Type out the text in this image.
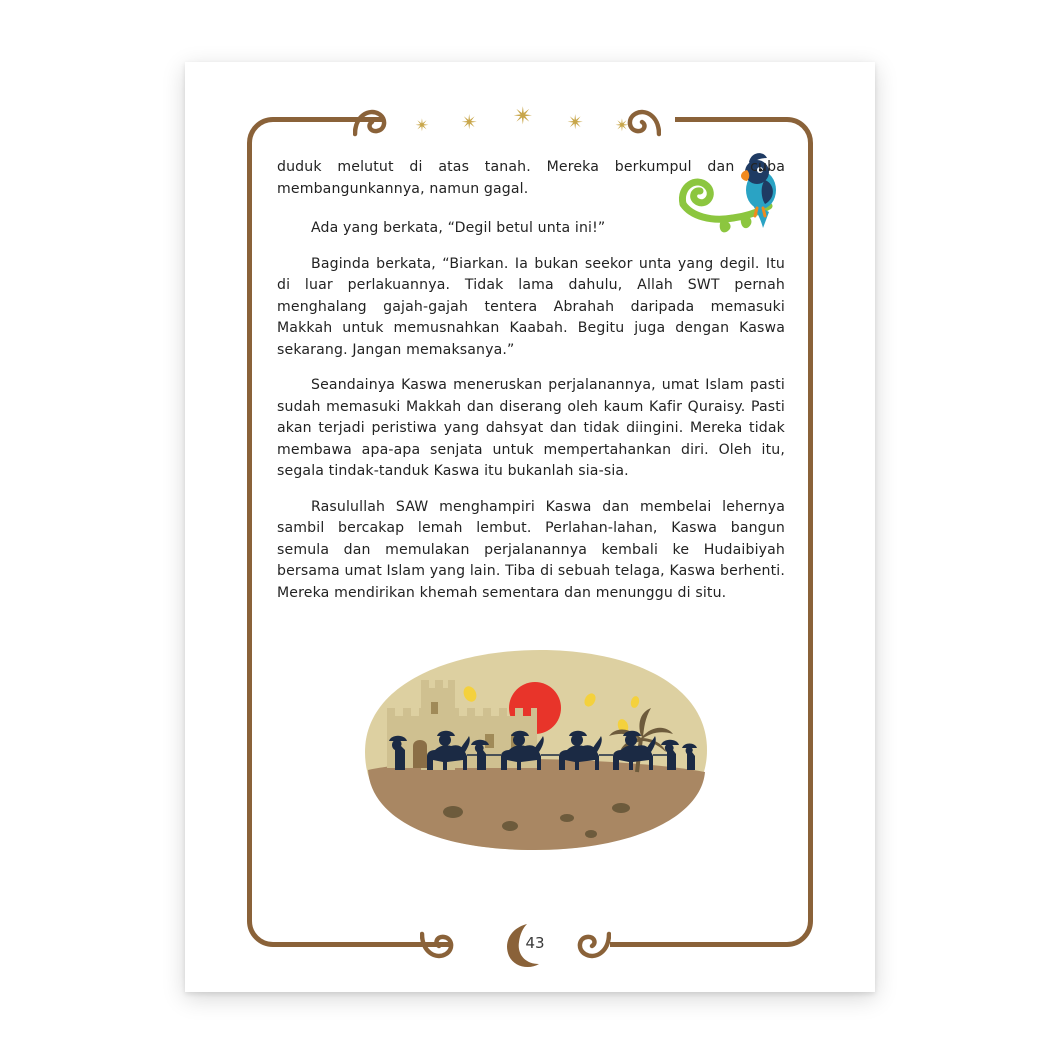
✴ ✴ ✴ ✴ ✴

duduk melutut di atas tanah. Mereka berkumpul dan cuba membangunkannya, namun gagal.

Ada yang berkata, “Degil betul unta ini!”

Baginda berkata, “Biarkan. Ia bukan seekor unta yang degil. Itu di luar perlakuannya. Tidak lama dahulu, Allah SWT pernah menghalang gajah-gajah tentera Abrahah daripada memasuki Makkah untuk memusnahkan Kaabah. Begitu juga dengan Kaswa sekarang. Jangan memaksanya.”

Seandainya Kaswa meneruskan perjalanannya, umat Islam pasti sudah memasuki Makkah dan diserang oleh kaum Kafir Quraisy. Pasti akan terjadi peristiwa yang dahsyat dan tidak diingini. Mereka tidak membawa apa-apa senjata untuk mempertahankan diri. Oleh itu, segala tindak-tanduk Kaswa itu bukanlah sia-sia.

Rasulullah SAW menghampiri Kaswa dan membelai lehernya sambil bercakap lemah lembut. Perlahan-lahan, Kaswa bangun semula dan memulakan perjalanannya kembali ke Hudaibiyah bersama umat Islam yang lain. Tiba di sebuah telaga, Kaswa berhenti. Mereka mendirikan khemah sementara dan menunggu di situ.

43
